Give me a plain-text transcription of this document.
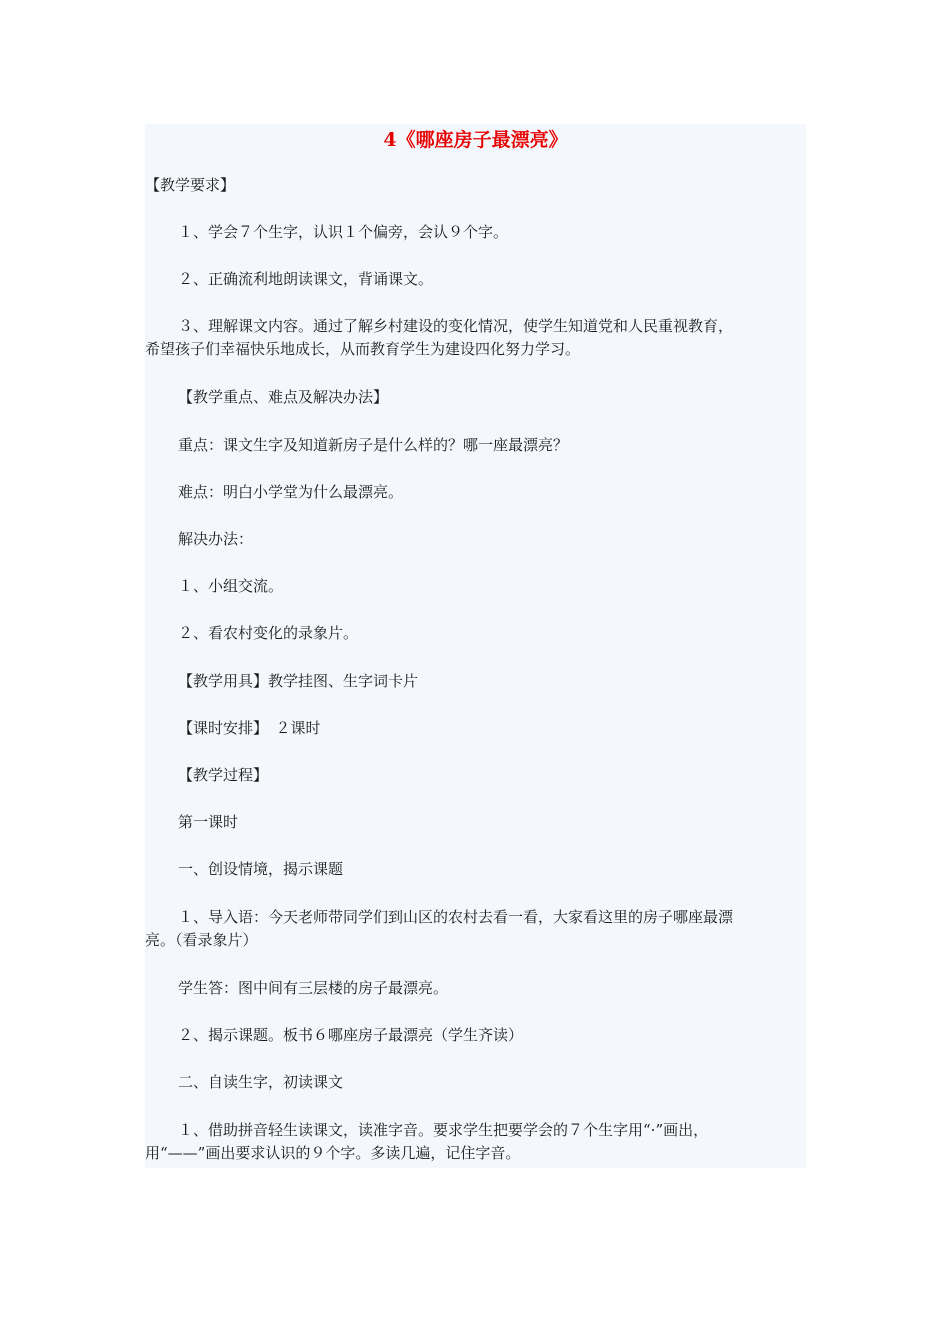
4《哪座房子最漂亮》

【教学要求】

１、学会７个生字，认识１个偏旁，会认９个字。

２、正确流利地朗读课文，背诵课文。

３、理解课文内容。通过了解乡村建设的变化情况，使学生知道党和人民重视教育，
希望孩子们幸福快乐地成长，从而教育学生为建设四化努力学习。

【教学重点、难点及解决办法】

重点：课文生字及知道新房子是什么样的？哪一座最漂亮？

难点：明白小学堂为什么最漂亮。

解决办法：

１、小组交流。

２、看农村变化的录象片。

【教学用具】教学挂图、生字词卡片

【课时安排】　２课时

【教学过程】

第一课时

一、创设情境，揭示课题

１、导入语：今天老师带同学们到山区的农村去看一看，大家看这里的房子哪座最漂
亮。（看录象片）

学生答：图中间有三层楼的房子最漂亮。

２、揭示课题。板书６哪座房子最漂亮（学生齐读）

二、自读生字，初读课文

１、借助拼音轻生读课文，读准字音。要求学生把要学会的７个生字用“·”画出，
用“——”画出要求认识的９个字。多读几遍，记住字音。
